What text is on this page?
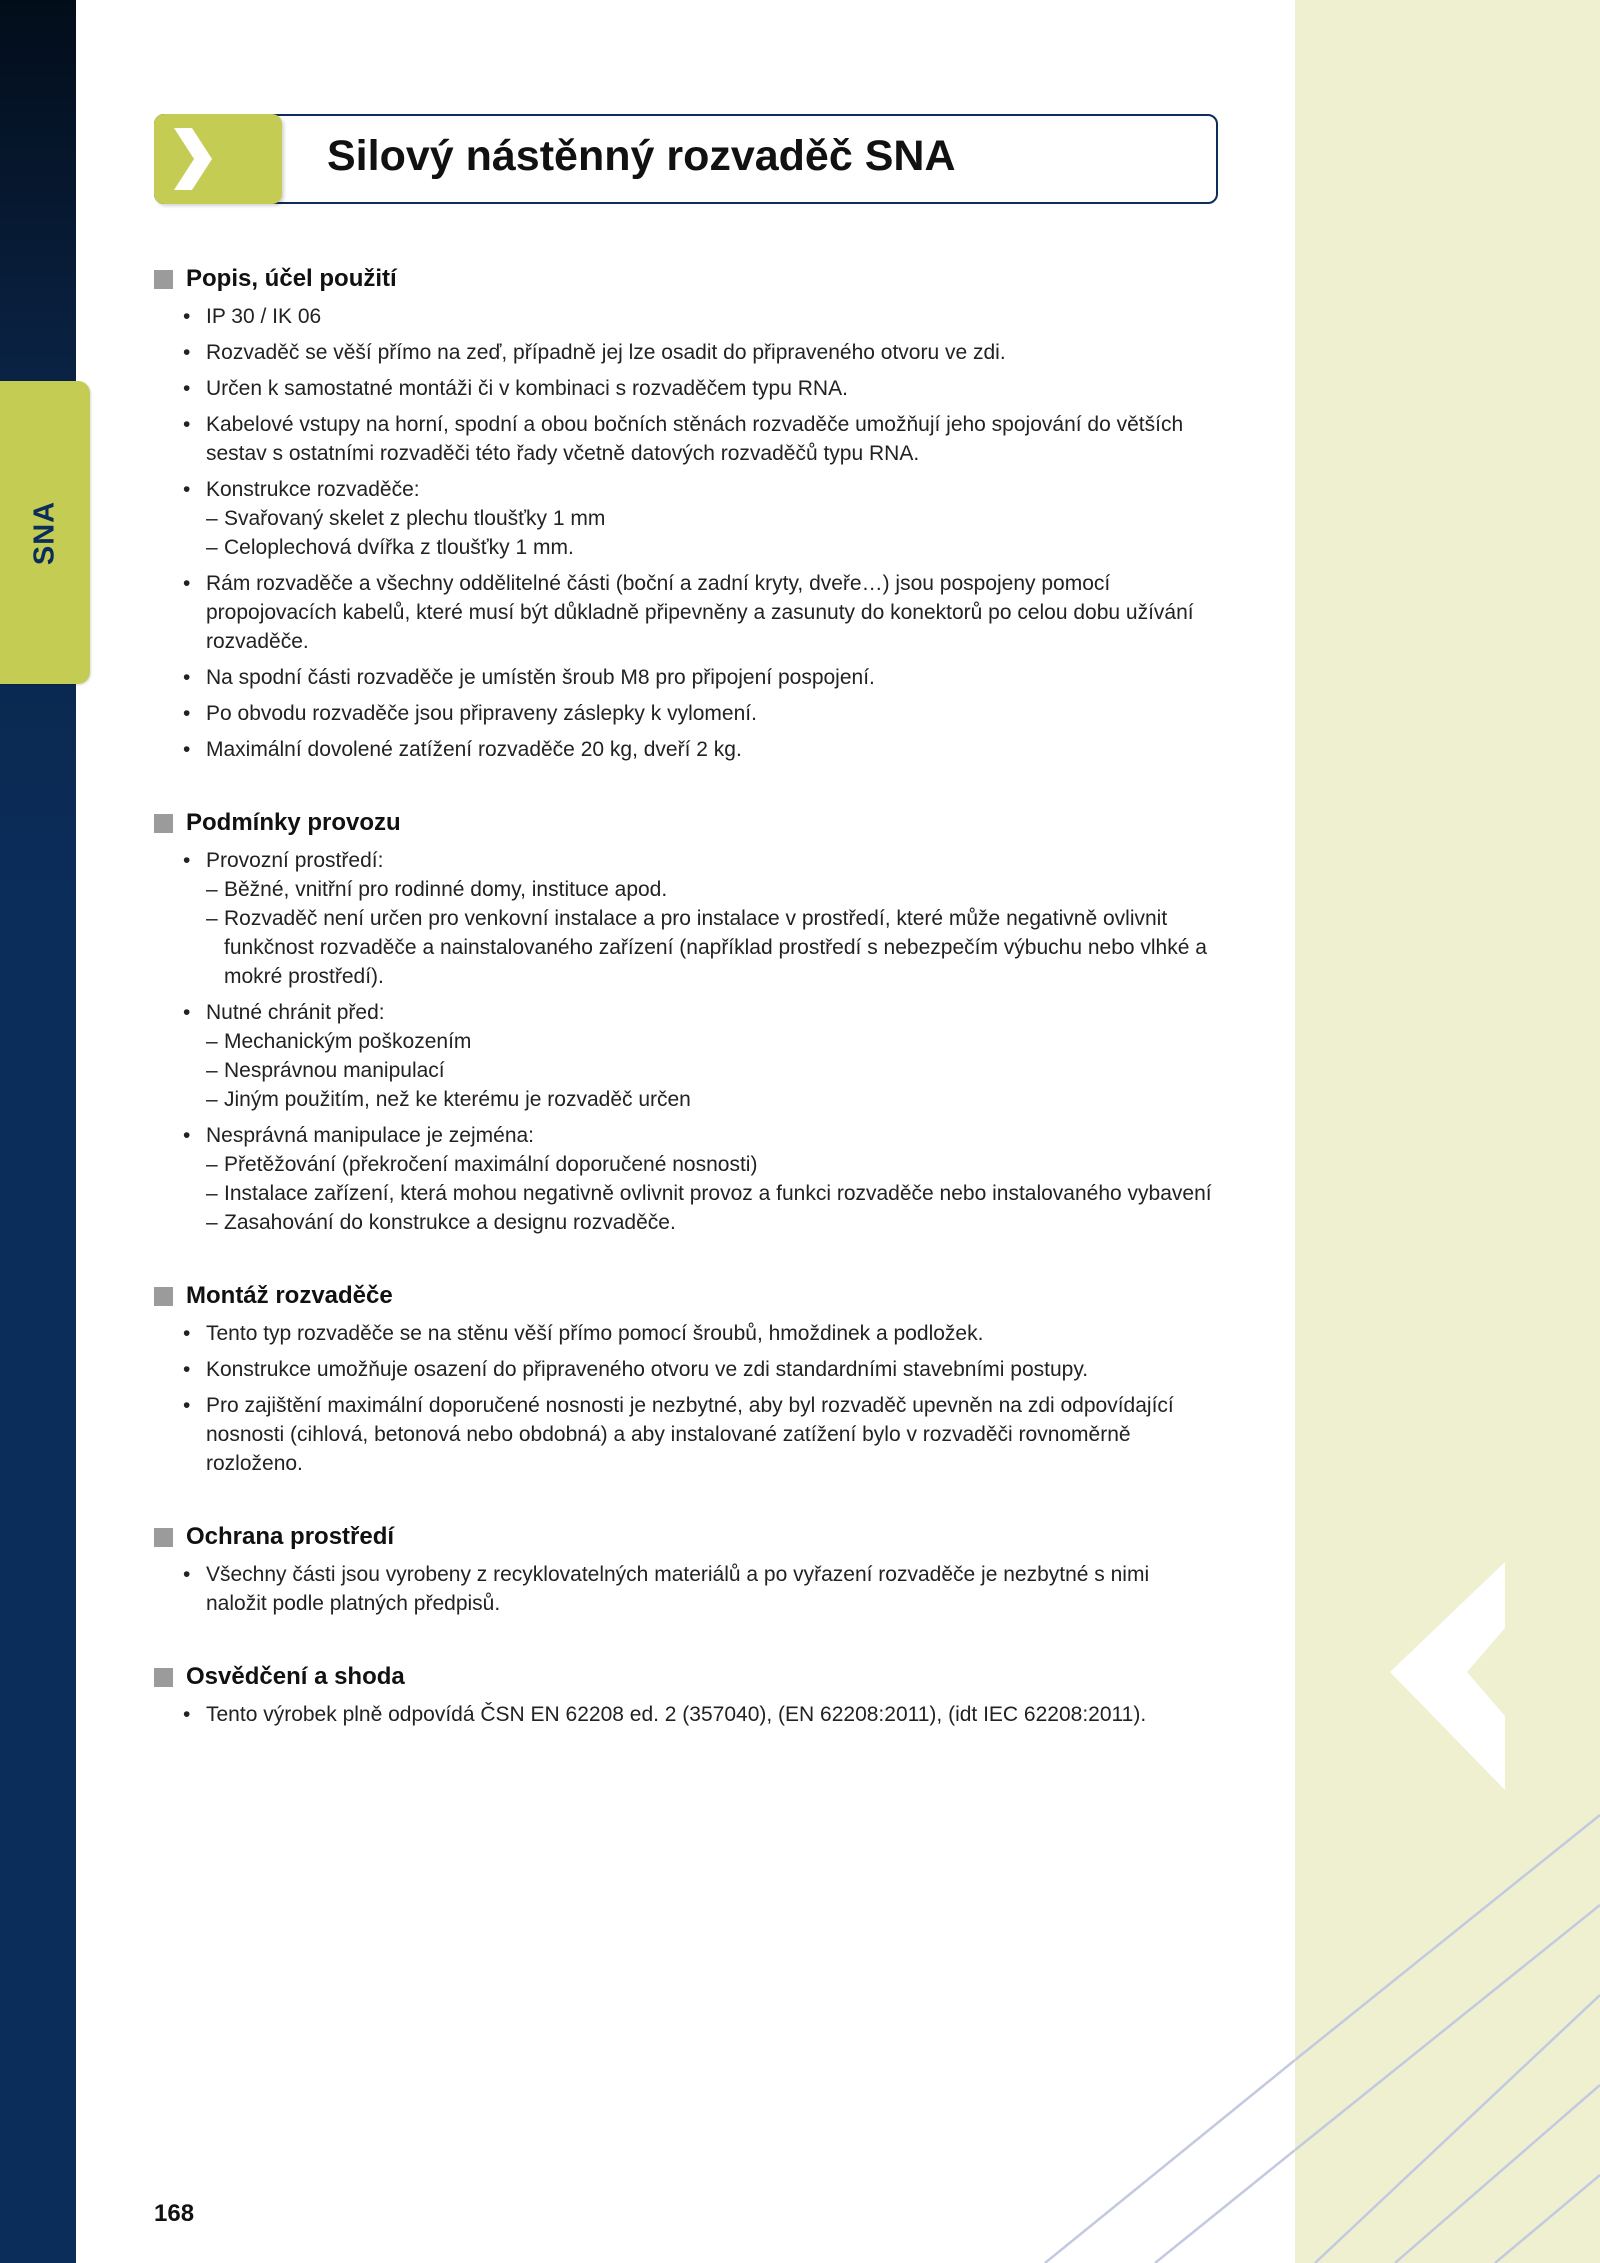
SNA
Silový nástěnný rozvaděč SNA
Popis, účel použití
• IP 30 / IK 06
• Rozvaděč se věší přímo na zeď, případně jej lze osadit do připraveného otvoru ve zdi.
• Určen k samostatné montáži či v kombinaci s rozvaděčem typu RNA.
• Kabelové vstupy na horní, spodní a obou bočních stěnách rozvaděče umožňují jeho spojování do větších sestav s ostatními rozvaděči této řady včetně datových rozvaděčů typu RNA.
• Konstrukce rozvaděče:
– Svařovaný skelet z plechu tloušťky 1 mm
– Celoplechová dvířka z tloušťky 1 mm.
• Rám rozvaděče a všechny oddělitelné části (boční a zadní kryty, dveře…) jsou pospojeny pomocí propojovacích kabelů, které musí být důkladně připevněny a zasunuty do konektorů po celou dobu užívání rozvaděče.
• Na spodní části rozvaděče je umístěn šroub M8 pro připojení pospojení.
• Po obvodu rozvaděče jsou připraveny záslepky k vylomení.
• Maximální dovolené zatížení rozvaděče 20 kg, dveří 2 kg.
Podmínky provozu
• Provozní prostředí:
– Běžné, vnitřní pro rodinné domy, instituce apod.
– Rozvaděč není určen pro venkovní instalace a pro instalace v prostředí, které může negativně ovlivnit funkčnost rozvaděče a nainstalovaného zařízení (například prostředí s nebezpečím výbuchu nebo vlhké a mokré prostředí).
• Nutné chránit před:
– Mechanickým poškozením
– Nesprávnou manipulací
– Jiným použitím, než ke kterému je rozvaděč určen
• Nesprávná manipulace je zejména:
– Přetěžování (překročení maximální doporučené nosnosti)
– Instalace zařízení, která mohou negativně ovlivnit provoz a funkci rozvaděče nebo instalovaného vybavení
– Zasahování do konstrukce a designu rozvaděče.
Montáž rozvaděče
• Tento typ rozvaděče se na stěnu věší přímo pomocí šroubů, hmoždinek a podložek.
• Konstrukce umožňuje osazení do připraveného otvoru ve zdi standardními stavebními postupy.
• Pro zajištění maximální doporučené nosnosti je nezbytné, aby byl rozvaděč upevněn na zdi odpovídající nosnosti (cihlová, betonová nebo obdobná) a aby instalované zatížení bylo v rozvaděči rovnoměrně rozloženo.
Ochrana prostředí
• Všechny části jsou vyrobeny z recyklovatelných materiálů a po vyřazení rozvaděče je nezbytné s nimi naložit podle platných předpisů.
Osvědčení a shoda
• Tento výrobek plně odpovídá ČSN EN 62208 ed. 2 (357040), (EN 62208:2011), (idt IEC 62208:2011).
168
